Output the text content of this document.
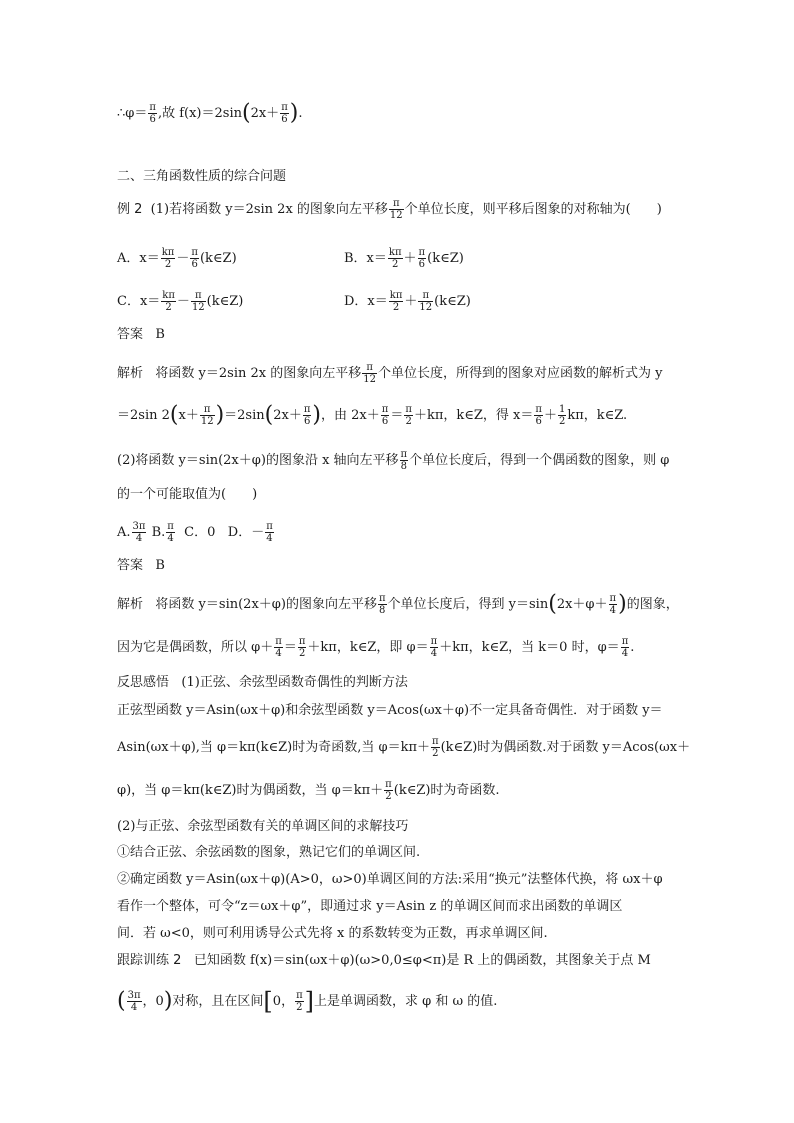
∴φ＝ $\frac{\pi}{6}$ ,故 $f(x)=2\sin(2x+ \frac{\pi}{6}$ ).
二、三角函数性质的综合问题
例 2 (1)若将函数 y＝2sin 2x 的图象向左平移 $\frac{\pi}{12}$ 个单位长度，则平移后图象的对称轴为(　　)
A．$x= \frac{k\pi}{2} - \frac{\pi}{6}$ (k∈Z)	B．$x= \frac{k\pi}{2} + \frac{\pi}{6}$ (k∈Z)
C．$x= \frac{k\pi}{2} - \frac{\pi}{12}$ (k∈Z)	D．$x= \frac{k\pi}{2} + \frac{\pi}{12}$ (k∈Z)
答案 B
解析 将函数 y＝2sin 2x 的图象向左平移 $\frac{\pi}{12}$ 个单位长度，所得到的图象对应函数的解析式为 y
＝2sin $2(x+ \frac{\pi}{12} )=2\sin(2x+ \frac{\pi}{6}$ )，由 $2x+ \frac{\pi}{6} = \frac{\pi}{2} +k\pi$，k∈Z，得 $x= \frac{\pi}{6} + \frac{1}{2}$ kπ，k∈Z.
(2)将函数 y＝sin(2x＋φ)的图象沿 x 轴向左平移 $\frac{\pi}{8}$ 个单位长度后，得到一个偶函数的图象，则 φ
的一个可能取值为(　　)
A. $\frac{3\pi}{4} B$. $\frac{\pi}{4}$ C．0 D．－ $\frac{\pi}{4}$
答案 B
解析 将函数 y＝sin(2x＋φ)的图象向左平移 $\frac{\pi}{8}$ 个单位长度后，得到 $y=\sin(2x+\varphi+ \frac{\pi}{4}$ )的图象，
因为它是偶函数，所以 $\varphi+ \frac{\pi}{4} = \frac{\pi}{2} +k\pi$，k∈Z，即 $\varphi= \frac{\pi}{4} +k\pi$，k∈Z，当 k＝0 时，$\varphi= \frac{\pi}{4}$ .
反思感悟 (1)正弦、余弦型函数奇偶性的判断方法
正弦型函数 y＝Asin(ωx＋φ)和余弦型函数 y＝Acos(ωx＋φ)不一定具备奇偶性．对于函数 y＝
Asin(ωx＋φ),当 φ＝kπ(k∈Z)时为奇函数,当 $\varphi=k\pi+ \frac{\pi}{2}$ (k∈Z)时为偶函数.对于函数 y＝Acos(ωx＋
φ)，当 φ＝kπ(k∈Z)时为偶函数，当 $\varphi=k\pi+ \frac{\pi}{2}$ (k∈Z)时为奇函数.
(2)与正弦、余弦型函数有关的单调区间的求解技巧
①结合正弦、余弦函数的图象，熟记它们的单调区间.
②确定函数 y＝Asin(ωx＋φ)(A>0，ω>0)单调区间的方法:采用“换元”法整体代换，将 ωx＋φ
看作一个整体，可令“z＝ωx＋φ”，即通过求 y＝Asin z 的单调区间而求出函数的单调区
间．若 ω<0，则可利用诱导公式先将 x 的系数转变为正数，再求单调区间.
跟踪训练 2 已知函数 f(x)＝sin(ωx＋φ)(ω>0,0≤φ<π)是 R 上的偶函数，其图象关于点 M
( $\frac{3\pi}{4}$ ，0)对称，且在区间[0， $\frac{\pi}{2}$ ]上是单调函数，求 φ 和 ω 的值.
